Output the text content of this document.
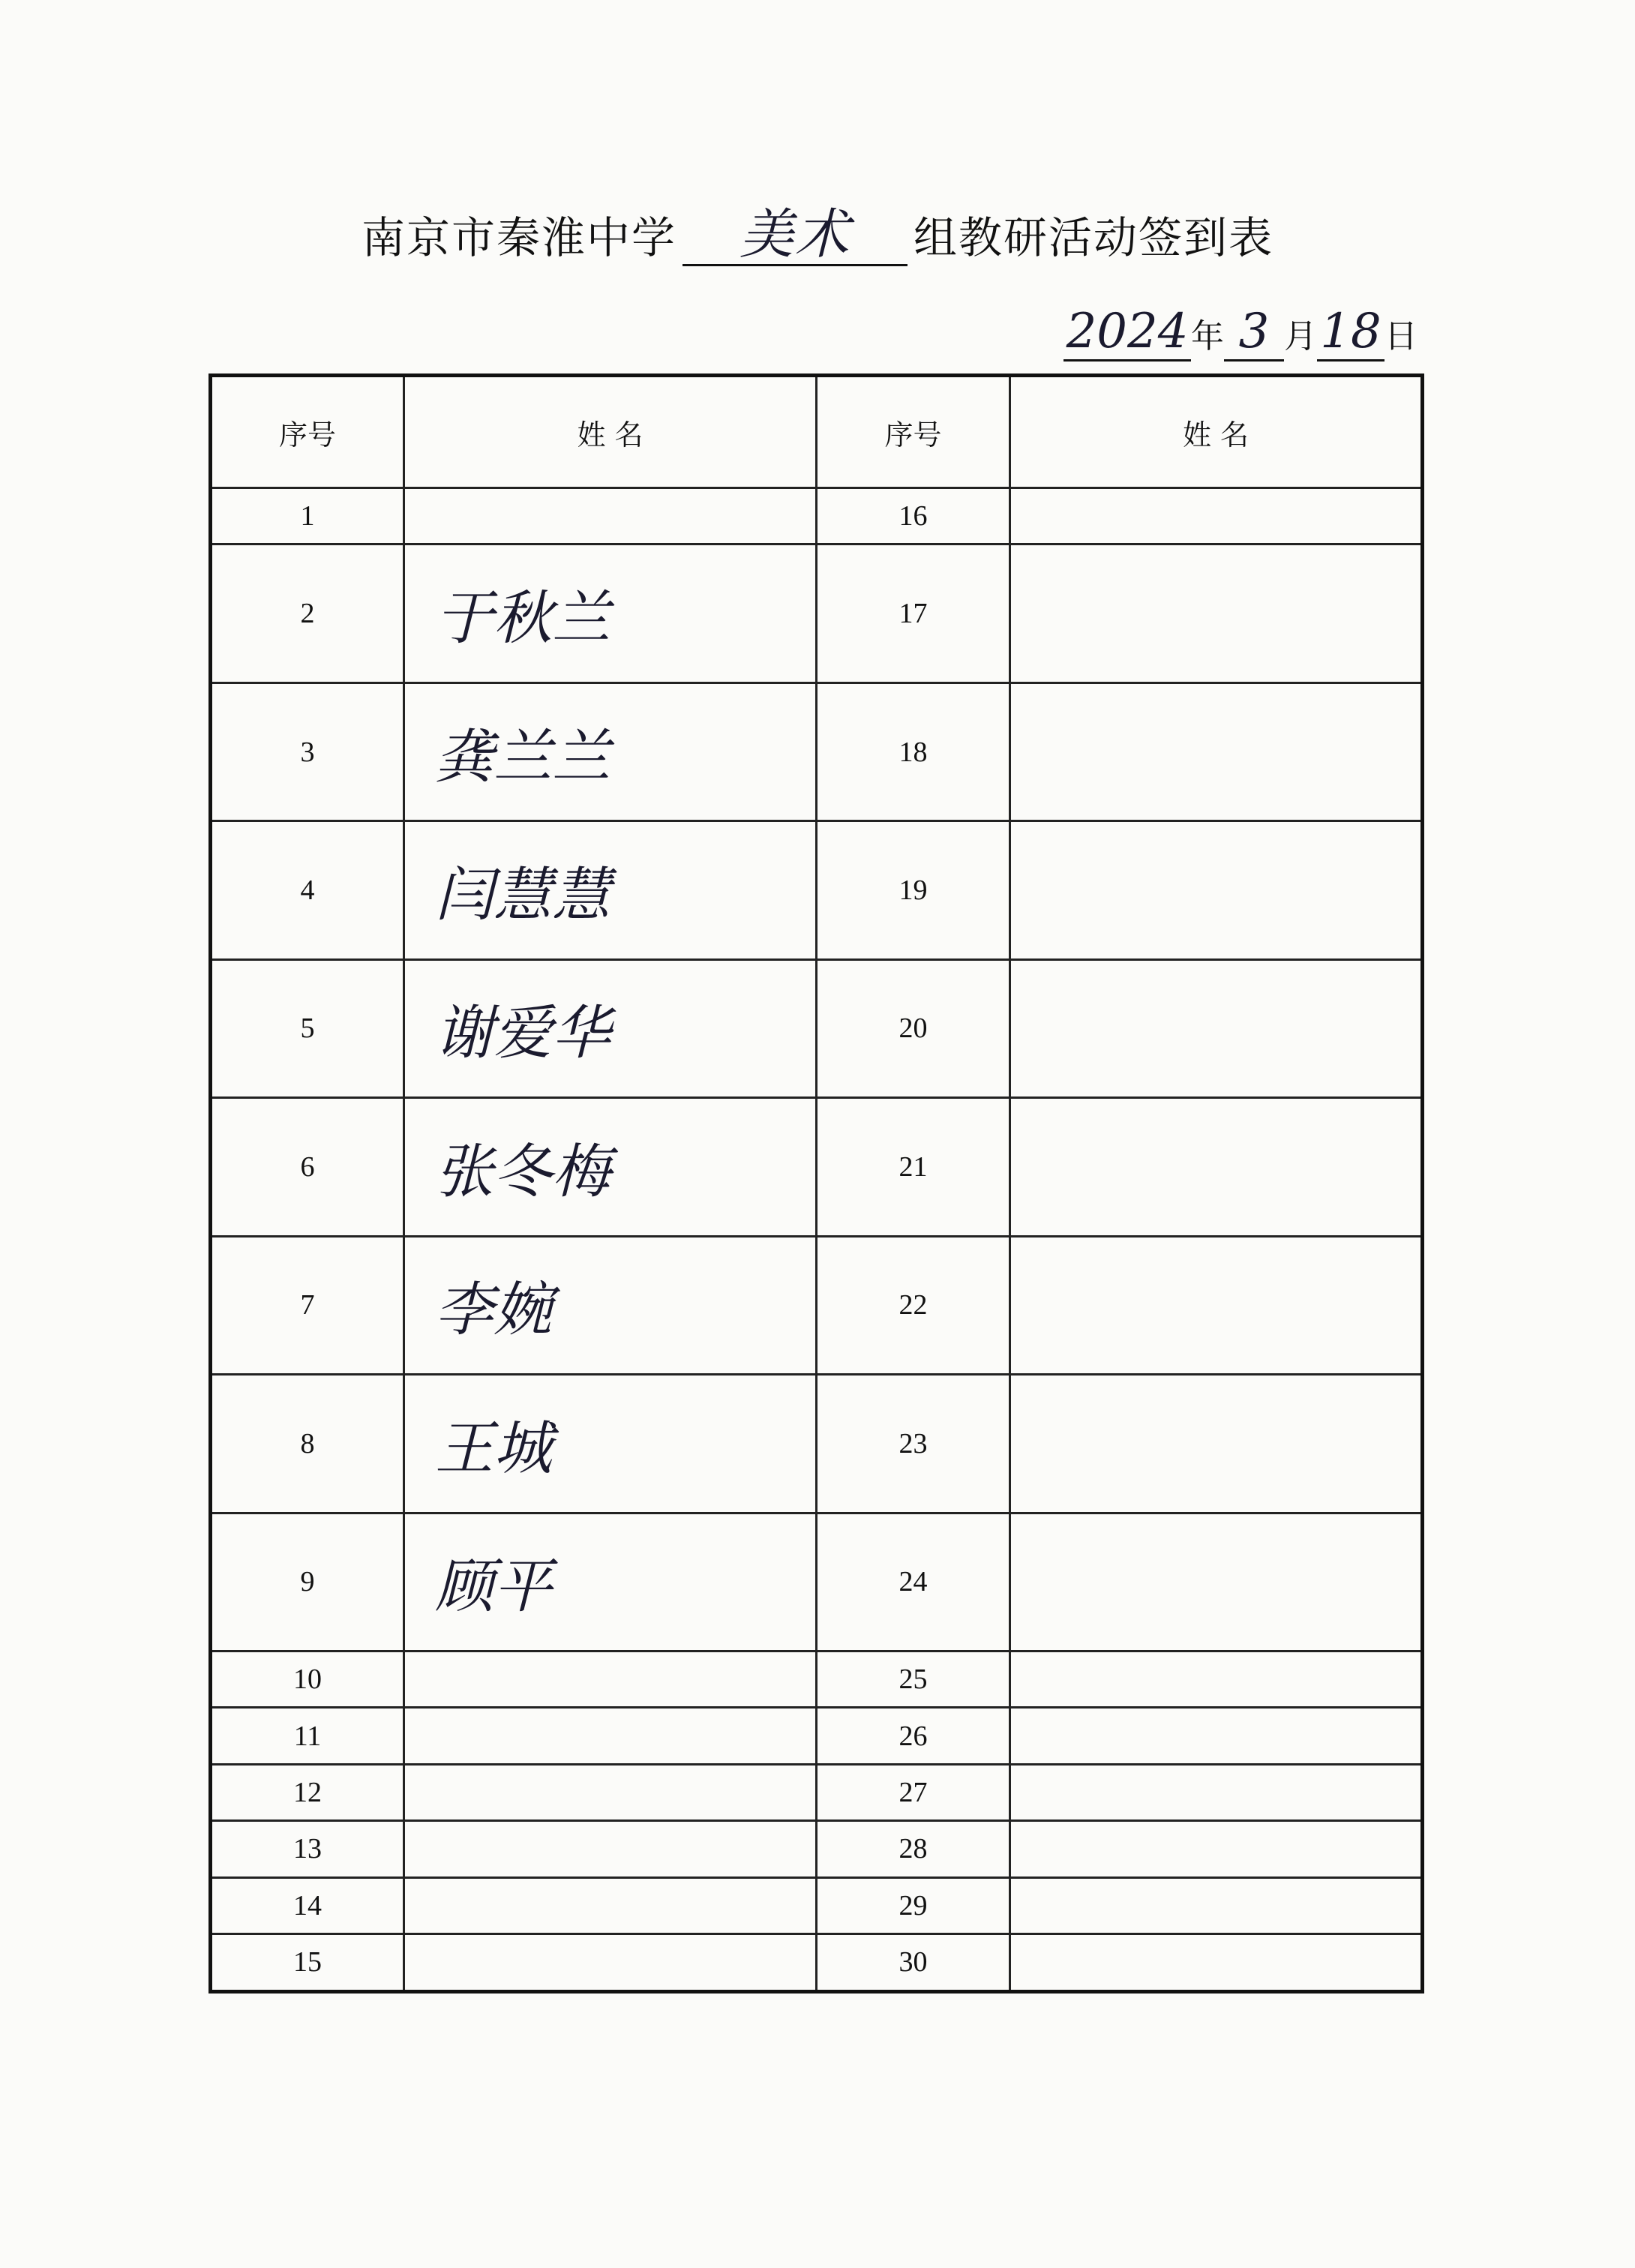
南京市秦淮中学 美术 组教研活动签到表
2024年 3 月18日
序号	姓 名	序号	姓 名
1		16	
2	于秋兰	17	
3	龚兰兰	18	
4	闫慧慧	19	
5	谢爱华	20	
6	张冬梅	21	
7	李婉	22	
8	王城	23	
9	顾平	24	
10		25	
11		26	
12		27	
13		28	
14		29	
15		30	
